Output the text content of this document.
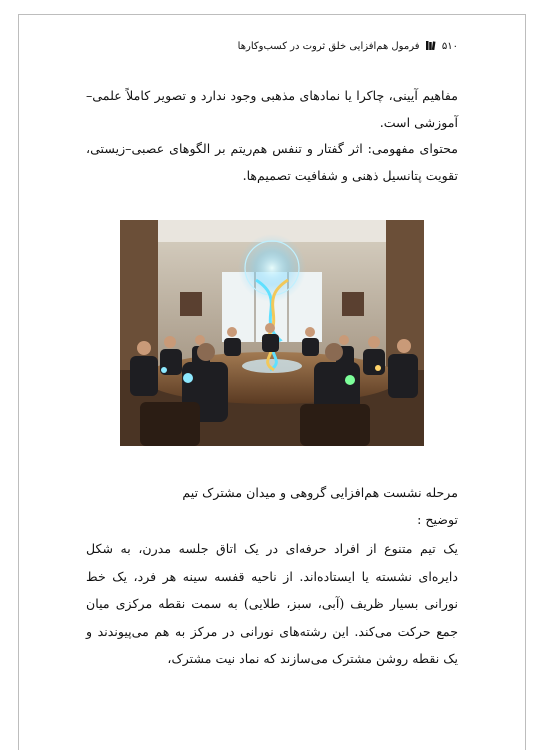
۵۱۰  فرمول هم‌افزایی خلق ثروت در کسب‌وکارها
مفاهیم آیینی، چاکرا یا نمادهای مذهبی وجود ندارد و تصویر کاملاً علمی–آموزشی است.
محتوای مفهومی: اثر گفتار و تنفس هم‌ریتم بر الگوهای عصبی–زیستی، تقویت پتانسیل ذهنی و شفافیت تصمیم‌ها.
مرحله نشست هم‌افزایی گروهی و میدان مشترک تیم
توضیح :
یک تیم متنوع از افراد حرفه‌ای در یک اتاق جلسه مدرن، به شکل دایره‌ای نشسته یا ایستاده‌اند. از ناحیه قفسه سینه هر فرد، یک خط نورانی بسیار ظریف (آبی، سبز، طلایی) به سمت نقطه مرکزی میان جمع حرکت می‌کند. این رشته‌های نورانی در مرکز به هم می‌پیوندند و یک نقطه روشن مشترک می‌سازند که نماد نیت مشترک،
